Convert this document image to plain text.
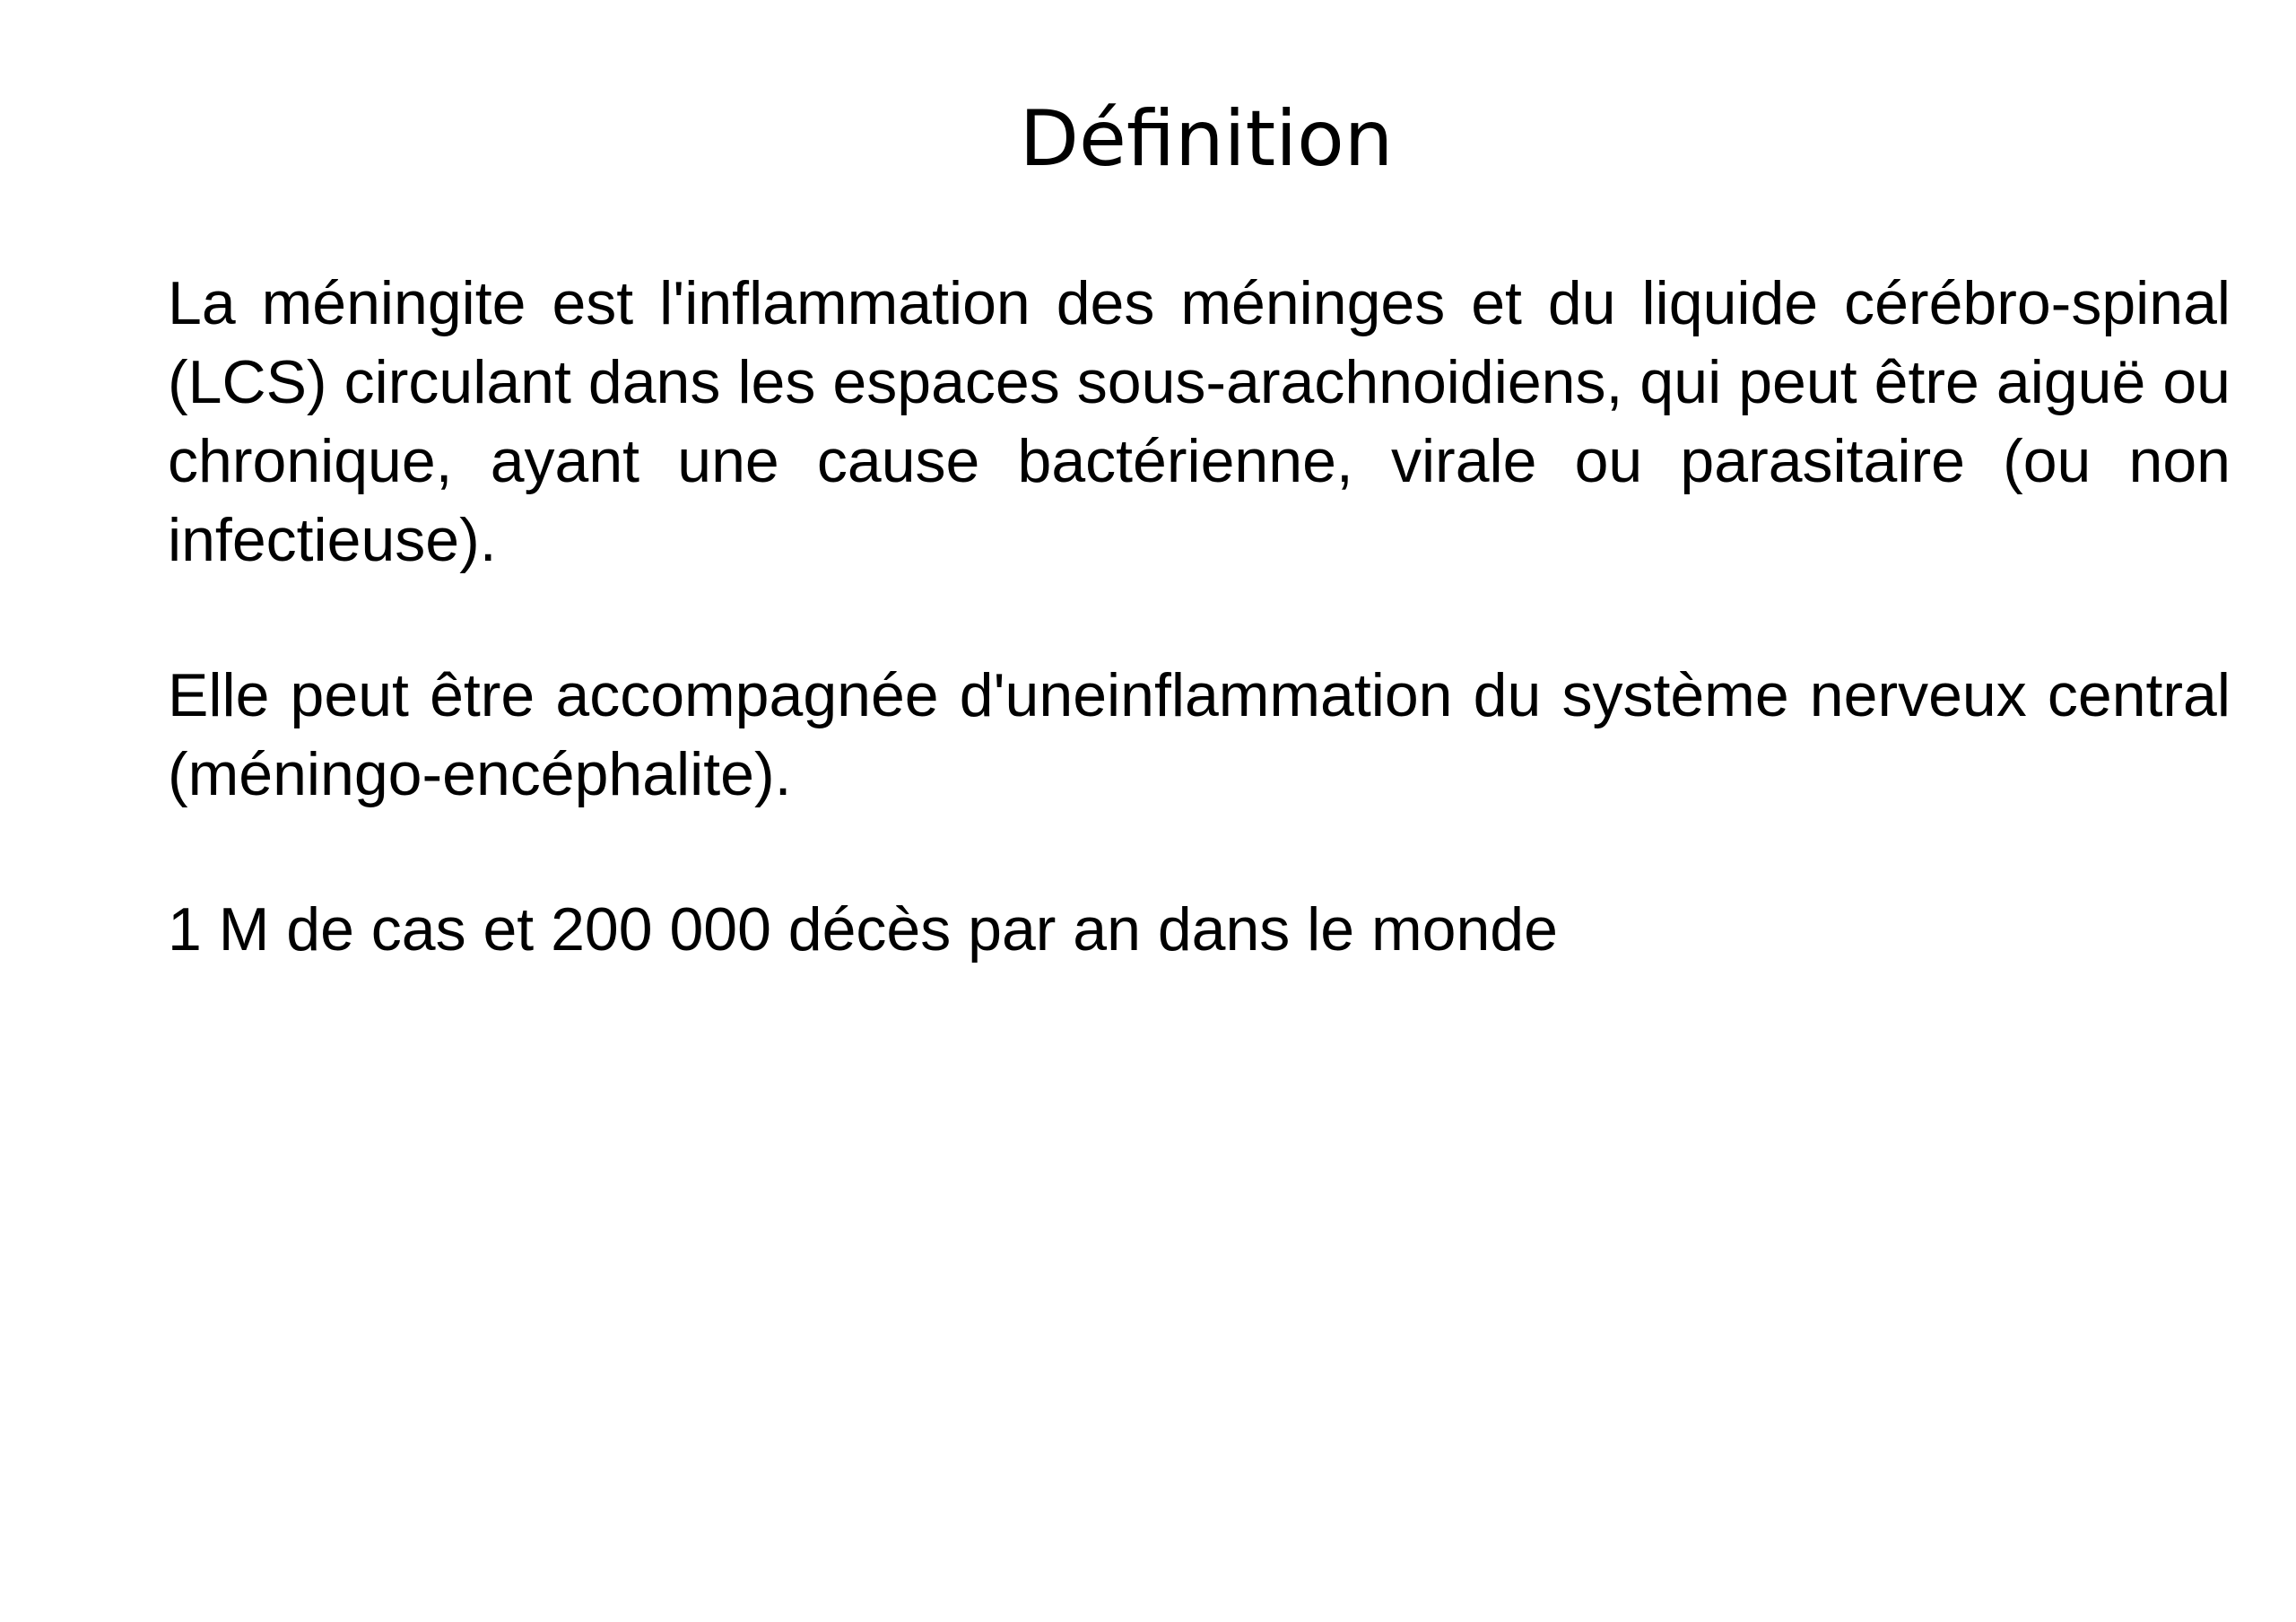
Définition

La méningite est l'inflammation des méninges et du liquide cérébro-spinal (LCS) circulant dans les espaces sous-arachnoidiens, qui peut être aiguë ou chronique, ayant une cause bactérienne, virale ou parasitaire (ou non infectieuse).

Elle peut être accompagnée d'uneinflammation du système nerveux central (méningo-encéphalite).

1 M de cas et 200 000 décès par an dans le monde
